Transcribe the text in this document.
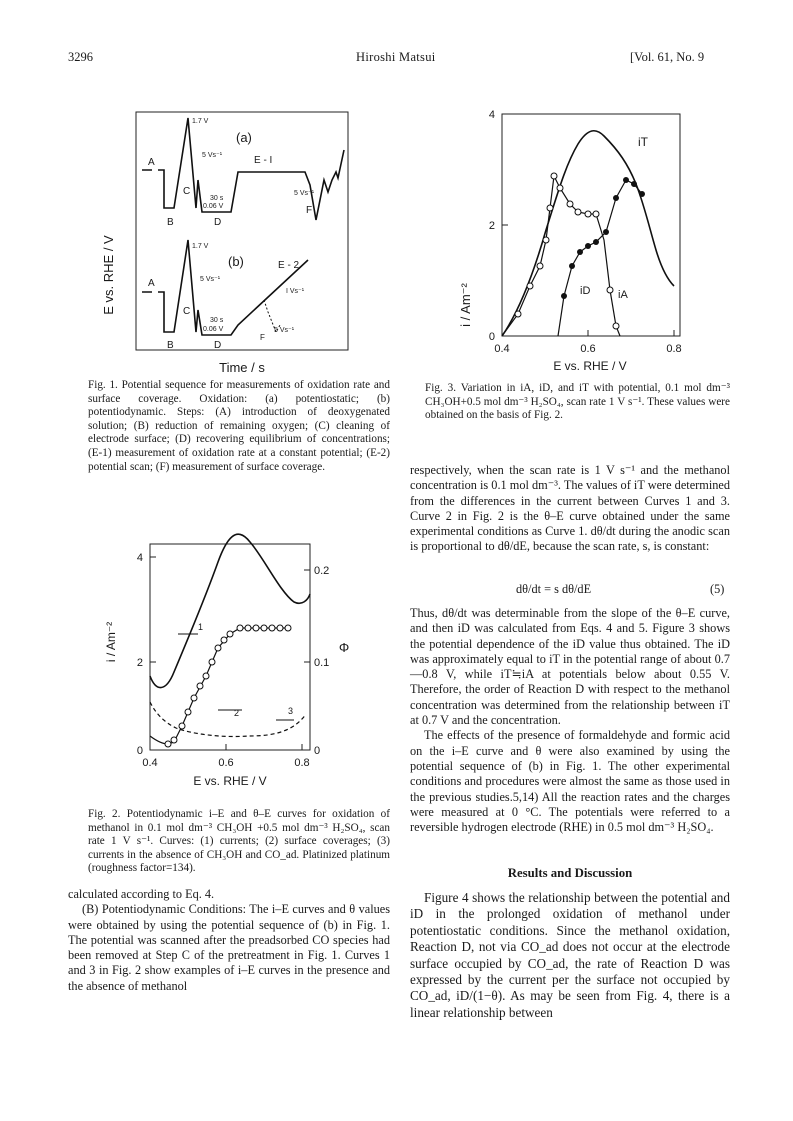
3296	Hiroshi Matsui	[Vol. 61, No. 9
E vs. RHE / V
1.7 V
5 Vs⁻¹
A
C
B	D
30 s
0.06 V
E - I
5 Vs⁻¹
F
(a)
1.7 V
5 Vs⁻¹
A
C
B	D
30 s
0.06 V
E - 2
I Vs⁻¹
5 Vs⁻¹
F
(b)
Time / s
Fig. 1. Potential sequence for measurements of oxidation rate and surface coverage. Oxidation: (a) potentiostatic; (b) potentiodynamic. Steps: (A) introduction of deoxygenated solution; (B) reduction of remaining oxygen; (C) cleaning of electrode surface; (D) recovering equilibrium of concentrations; (E-1) measurement of oxidation rate at a constant potential; (E-2) potential scan; (F) measurement of surface coverage.
i / Am⁻²	Φ
0
2
4
0
0.1
0.2
0.4	0.6	0.8
E vs. RHE / V
1
2	3
Fig. 2. Potentiodynamic i–E and θ–E curves for oxidation of methanol in 0.1 mol dm⁻³ CH₃OH +0.5 mol dm⁻³ H₂SO₄, scan rate 1 V s⁻¹. Curves: (1) currents; (2) surface coverages; (3) currents in the absence of CH₃OH and CO_ad. Platinized platinum (roughness factor=134).

calculated according to Eq. 4.

(B) Potentiodynamic Conditions: The i–E curves and θ values were obtained by using the potential sequence of (b) in Fig. 1. The potential was scanned after the preadsorbed CO species had been removed at Step C of the pretreatment in Fig. 1. Curves 1 and 3 in Fig. 2 show examples of i–E curves in the presence and the absence of methanol

i / Am⁻²
0
2
4
0.4	0.6	0.8
E vs. RHE / V
iT
iD	iA
Fig. 3. Variation in iA, iD, and iT with potential, 0.1 mol dm⁻³ CH₃OH+0.5 mol dm⁻³ H₂SO₄, scan rate 1 V s⁻¹. These values were obtained on the basis of Fig. 2.

respectively, when the scan rate is 1 V s⁻¹ and the methanol concentration is 0.1 mol dm⁻³. The values of iT were determined from the differences in the current between Curves 1 and 3. Curve 2 in Fig. 2 is the θ–E curve obtained under the same experimental conditions as Curve 1. dθ/dt during the anodic scan is proportional to dθ/dE, because the scan rate, s, is constant:

dθ/dt = s dθ/dE	(5)

Thus, dθ/dt was determinable from the slope of the θ–E curve, and then iD was calculated from Eqs. 4 and 5. Figure 3 shows the potential dependence of the iD value thus obtained. The iD was approximately equal to iT in the potential range of about 0.7—0.8 V, while iT≒iA at potentials below about 0.55 V. Therefore, the order of Reaction D with respect to the methanol concentration was determined from the relationship between iT at 0.7 V and the concentration.

The effects of the presence of formaldehyde and formic acid on the i–E curve and θ were also examined by using the potential sequence of (b) in Fig. 1. The other experimental conditions and procedures were almost the same as those used in the previous studies.5,14) All the reaction rates and the charges were measured at 0 °C. The potentials were referred to a reversible hydrogen electrode (RHE) in 0.5 mol dm⁻³ H₂SO₄.

Results and Discussion

Figure 4 shows the relationship between the potential and iD in the prolonged oxidation of methanol under potentiostatic conditions. Since the methanol oxidation, Reaction D, not via CO_ad does not occur at the electrode surface occupied by CO_ad, the rate of Reaction D was expressed by the current per the surface not occupied by CO_ad, iD/(1−θ). As may be seen from Fig. 4, there is a linear relationship between
